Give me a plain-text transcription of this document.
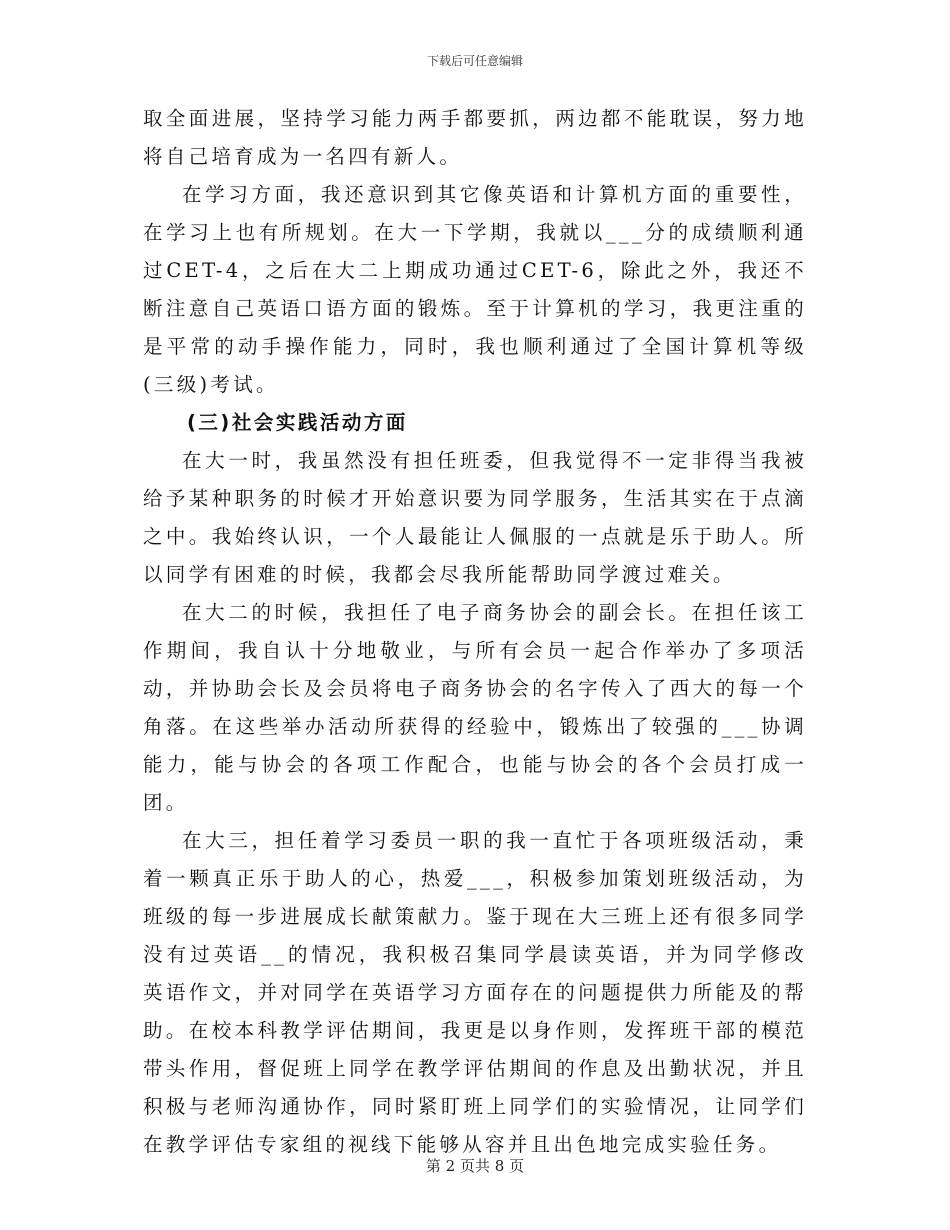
下载后可任意编辑

取全面进展，坚持学习能力两手都要抓，两边都不能耽误，努力地将自己培育成为一名四有新人。

在学习方面，我还意识到其它像英语和计算机方面的重要性，在学习上也有所规划。在大一下学期，我就以___分的成绩顺利通过CET-4，之后在大二上期成功通过CET-6，除此之外，我还不断注意自己英语口语方面的锻炼。至于计算机的学习，我更注重的是平常的动手操作能力，同时，我也顺利通过了全国计算机等级(三级)考试。

(三)社会实践活动方面

在大一时，我虽然没有担任班委，但我觉得不一定非得当我被给予某种职务的时候才开始意识要为同学服务，生活其实在于点滴之中。我始终认识，一个人最能让人佩服的一点就是乐于助人。所以同学有困难的时候，我都会尽我所能帮助同学渡过难关。

在大二的时候，我担任了电子商务协会的副会长。在担任该工作期间，我自认十分地敬业，与所有会员一起合作举办了多项活动，并协助会长及会员将电子商务协会的名字传入了西大的每一个角落。在这些举办活动所获得的经验中，锻炼出了较强的___协调能力，能与协会的各项工作配合，也能与协会的各个会员打成一团。

在大三，担任着学习委员一职的我一直忙于各项班级活动，秉着一颗真正乐于助人的心，热爱___，积极参加策划班级活动，为班级的每一步进展成长献策献力。鉴于现在大三班上还有很多同学没有过英语__的情况，我积极召集同学晨读英语，并为同学修改英语作文，并对同学在英语学习方面存在的问题提供力所能及的帮助。在校本科教学评估期间，我更是以身作则，发挥班干部的模范带头作用，督促班上同学在教学评估期间的作息及出勤状况，并且积极与老师沟通协作，同时紧盯班上同学们的实验情况，让同学们在教学评估专家组的视线下能够从容并且出色地完成实验任务。

第 2 页共 8 页
